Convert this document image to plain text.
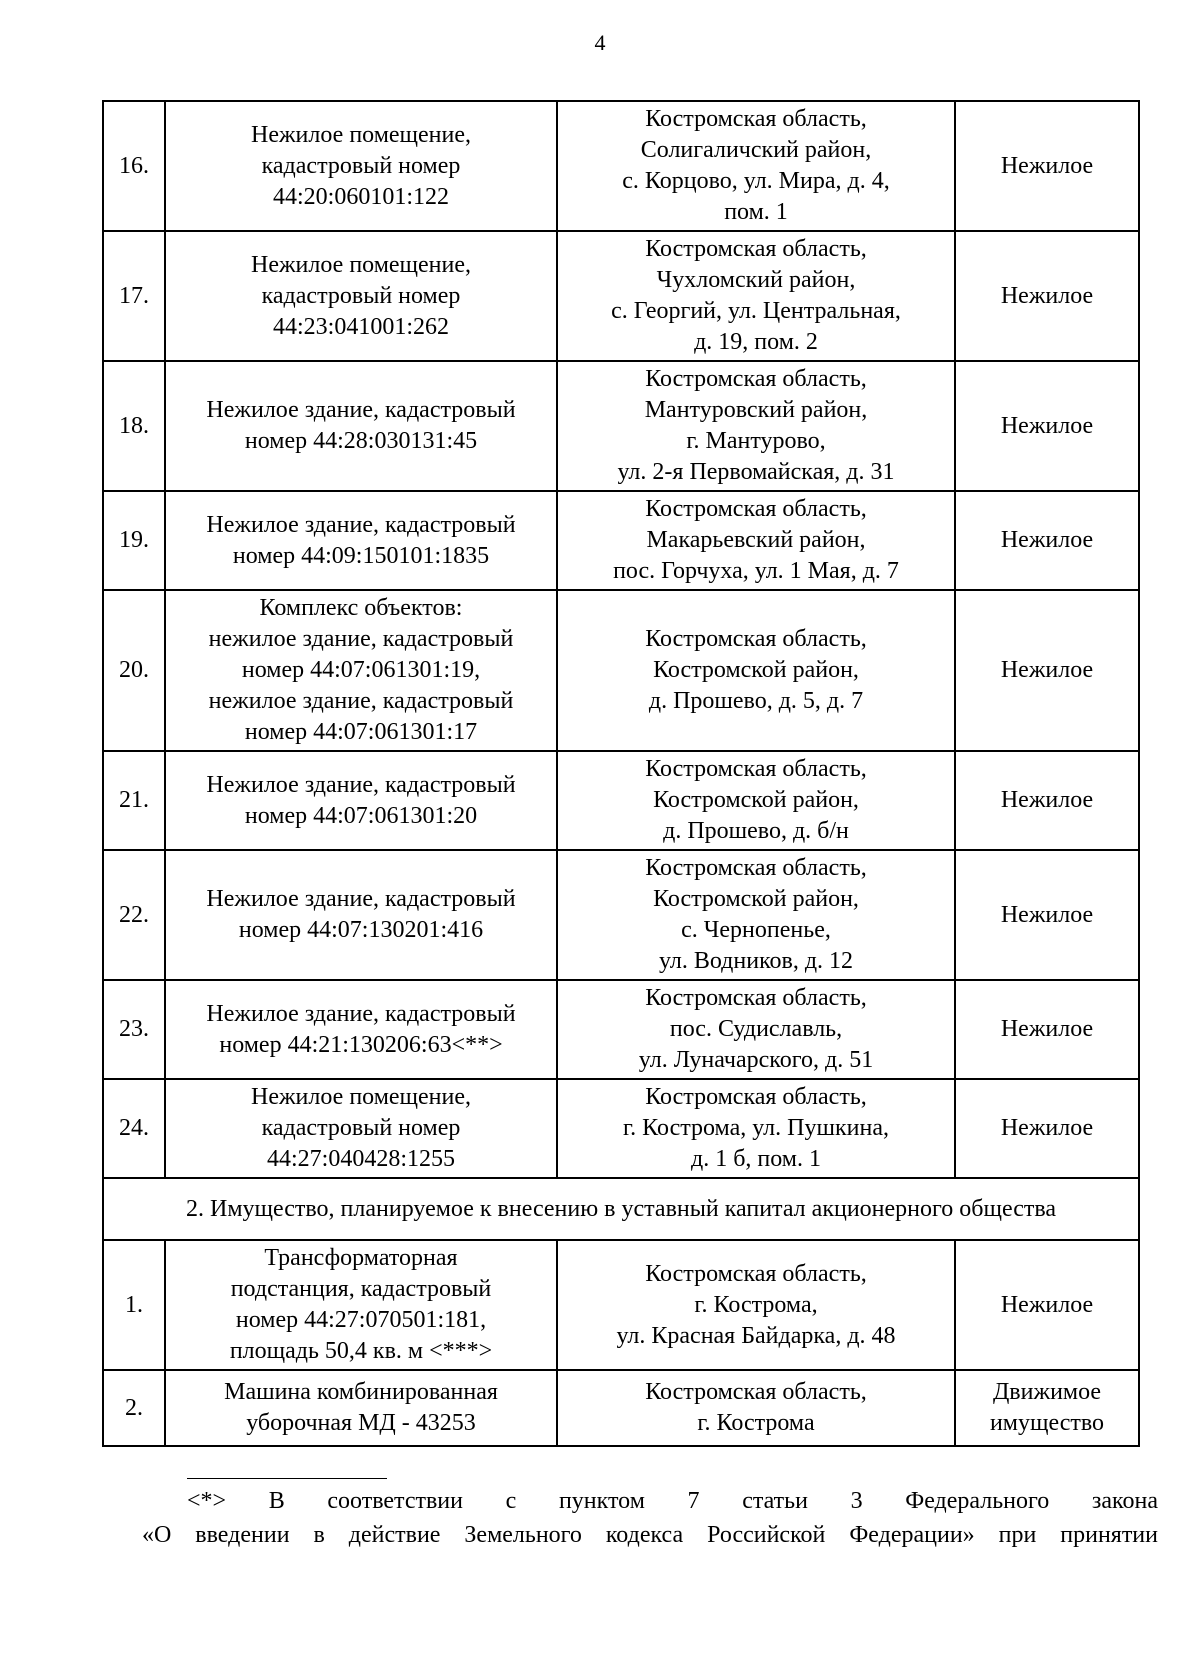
4
16.	Нежилое помещение,
кадастровый номер
44:20:060101:122	Костромская область,
Солигаличский район,
с. Корцово, ул. Мира, д. 4,
пом. 1	Нежилое
17.	Нежилое помещение,
кадастровый номер
44:23:041001:262	Костромская область,
Чухломский район,
с. Георгий, ул. Центральная,
д. 19, пом. 2	Нежилое
18.	Нежилое здание, кадастровый
номер 44:28:030131:45	Костромская область,
Мантуровский район,
г. Мантурово,
ул. 2-я Первомайская, д. 31	Нежилое
19.	Нежилое здание, кадастровый
номер 44:09:150101:1835	Костромская область,
Макарьевский район,
пос. Горчуха, ул. 1 Мая, д. 7	Нежилое
20.	Комплекс объектов:
нежилое здание, кадастровый
номер 44:07:061301:19,
нежилое здание, кадастровый
номер 44:07:061301:17	Костромская область,
Костромской район,
д. Прошево, д. 5, д. 7	Нежилое
21.	Нежилое здание, кадастровый
номер 44:07:061301:20	Костромская область,
Костромской район,
д. Прошево, д. б/н	Нежилое
22.	Нежилое здание, кадастровый
номер 44:07:130201:416	Костромская область,
Костромской район,
с. Чернопенье,
ул. Водников, д. 12	Нежилое
23.	Нежилое здание, кадастровый
номер 44:21:130206:63<**>	Костромская область,
пос. Судиславль,
ул. Луначарского, д. 51	Нежилое
24.	Нежилое помещение,
кадастровый номер
44:27:040428:1255	Костромская область,
г. Кострома, ул. Пушкина,
д. 1 б, пом. 1	Нежилое
2. Имущество, планируемое к внесению в уставный капитал акционерного общества			
1.	Трансформаторная
подстанция, кадастровый
номер 44:27:070501:181,
площадь 50,4 кв. м <***>	Костромская область,
г. Кострома,
ул. Красная Байдарка, д. 48	Нежилое
2.	Машина комбинированная
уборочная МД - 43253	Костромская область,
г. Кострома	Движимое
имущество
<*> В соответствии с пунктом 7 статьи 3 Федерального закона
«О введении в действие Земельного кодекса Российской Федерации» при принятии
